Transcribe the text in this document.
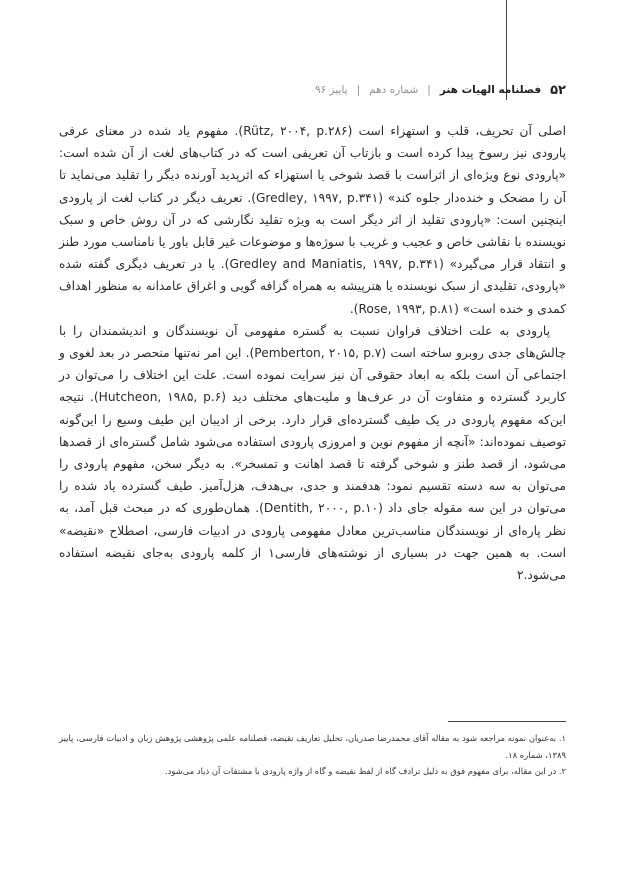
۵۲
فصلنامه الهیات هنر
|
شماره دهم
|
پاییز ۹۶

اصلی آن تحریف، قلب و استهزاء است (Rütz, ۲۰۰۴, p.۲۸۶). مفهوم یاد شده در معنای عرفی پارودی نیز رسوخ پیدا کرده است و بازتاب آن تعریفی است که در کتاب‌های لغت از آن شده است: «پارودی نوع ویژه‌ای از اثراست با قصد شوخی یا استهزاء که اثرپدید آورنده دیگر را تقلید می‌نماید تا آن را مضحک و خنده‌دار جلوه کند» (Gredley, ۱۹۹۷, p.۳۴۱). تعریف دیگر در کتاب لغت از پارودی اینچنین است: «پارودی تقلید از اثر دیگر است به ویژه تقلید نگارشی که در آن روش خاص و سبک نویسنده با نقاشی خاص و عجیب و غریب با سوژه‌ها و موضوعات غیر قابل باور یا نامناسب مورد طنز و انتقاد قرار می‌گیرد» (Gredley and Maniatis, ۱۹۹۷, p.۳۴۱). یا در تعریف دیگری گفته شده «پارودی، تقلیدی از سبک نویسنده یا هنرپیشه به همراه گزافه گویی و اغراق عامدانه به منظور اهداف کمدی و خنده است» (Rose, ۱۹۹۳, p.۸۱).

پارودی به علت اختلاف فراوان نسبت به گستره مفهومی آن نویسندگان و اندیشمندان را با چالش‌های جدی روبرو ساخته است (Pemberton, ۲۰۱۵, p.۷). این امر نه‌تنها منحصر در بعد لغوی و اجتماعی آن است بلکه به ابعاد حقوقی آن نیز سرایت نموده است. علت این اختلاف را می‌توان در کاربرد گسترده و متفاوت آن در عرف‌ها و ملیت‌های مختلف دید (Hutcheon, ۱۹۸۵, p.۶). نتیجه این‌که مفهوم پارودی در یک طیف گسترده‌ای قرار دارد. برخی از ادیبان این طیف وسیع را این‌گونه توصیف نموده‌اند: «آنچه از مفهوم نوین و امروزی پارودی استفاده می‌شود شامل گستره‌ای از قصدها می‌شود، از قصد طنز و شوخی گرفته تا قصد اهانت و تمسخر». به دیگر سخن، مفهوم پارودی را می‌توان به سه دسته تقسیم نمود: هدفمند و جدی، بی‌هدف، هزل‌آمیز. طیف گسترده یاد شده را می‌توان در این سه مقوله جای داد (Dentith, ۲۰۰۰, p.۱۰). همان‌طوری که در مبحث قبل آمد، به نظر پاره‌ای از نویسندگان مناسب‌ترین معادل مفهومی پارودی در ادبیات فارسی، اصطلاح «نقیضه» است. به همین جهت در بسیاری از نوشته‌های فارسی۱ از کلمه پارودی به‌جای نقیضه استفاده می‌شود.۲

۱. به‌عنوان نمونه مراجعه شود به مقاله آقای محمدرضا صدریان، تحلیل تعاریف نقیضه، فصلنامه علمی پژوهشی پژوهش زبان و ادبیات فارسی، پاییز ۱۳۸۹، شماره ۱۸.
۲. در این مقاله، برای مفهوم فوق به دلیل ترادف گاه از لفظ نقیضه و گاه از واژه پارودی با مشتقات آن ‌ذیاد می‌شود.
